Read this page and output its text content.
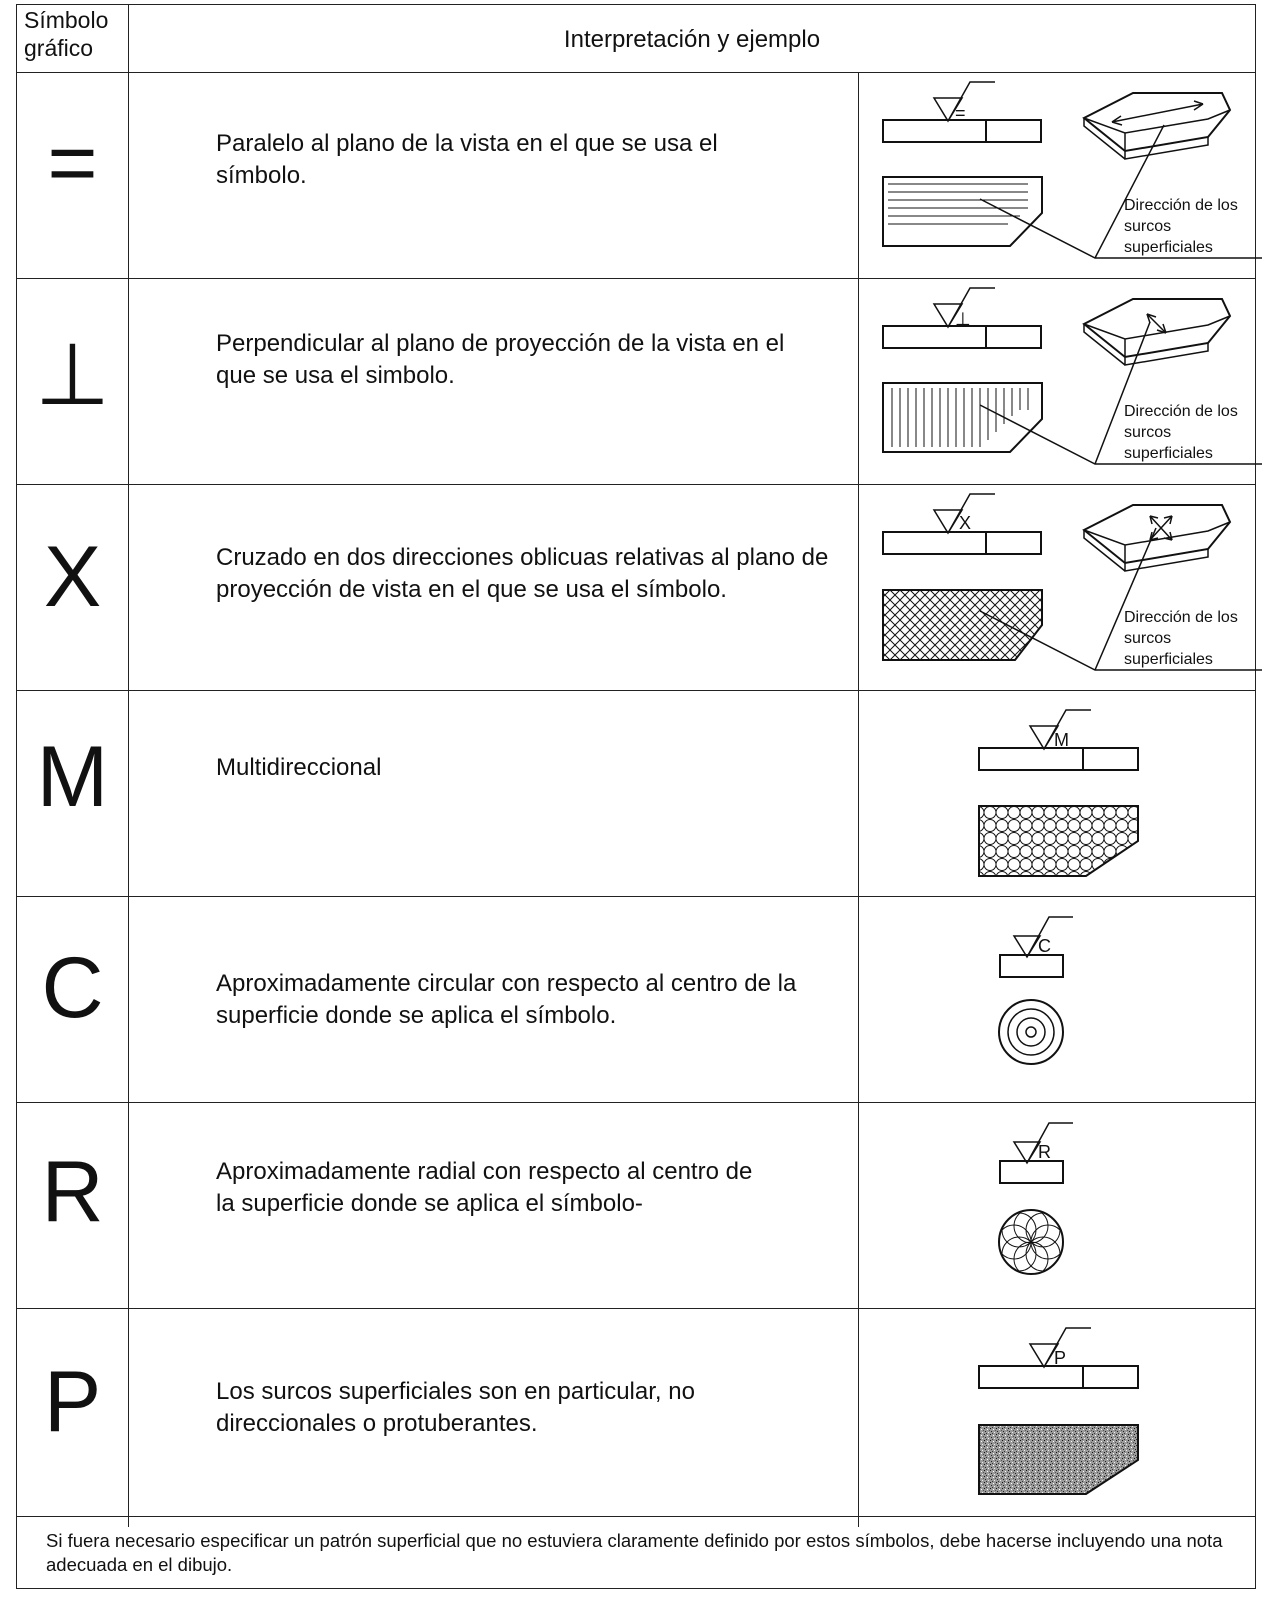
Símbolo
gráfico	Interpretación y ejemplo
=
⊥
X
M
C
R
P
Paralelo al plano de la vista en el que se usa el símbolo.
Perpendicular al plano de proyección de la vista en el que se usa el simbolo.
Cruzado en dos direcciones oblicuas relativas al plano de proyección de vista en el que se usa el símbolo.
Multidireccional
Aproximadamente circular con respecto al centro de la superficie donde se aplica el símbolo.
Aproximadamente radial con respecto al centro de la superficie donde se aplica el símbolo-
Los surcos superficiales son en particular, no direccionales o protuberantes.
Si fuera necesario especificar un patrón superficial que no estuviera claramente definido por estos símbolos, debe hacerse incluyendo una nota adecuada en el dibujo.
=
Dirección de los
surcos
superficiales
⊥
Dirección de los
surcos
superficiales
X
Dirección de los
surcos
superficiales
M
C
R
P
